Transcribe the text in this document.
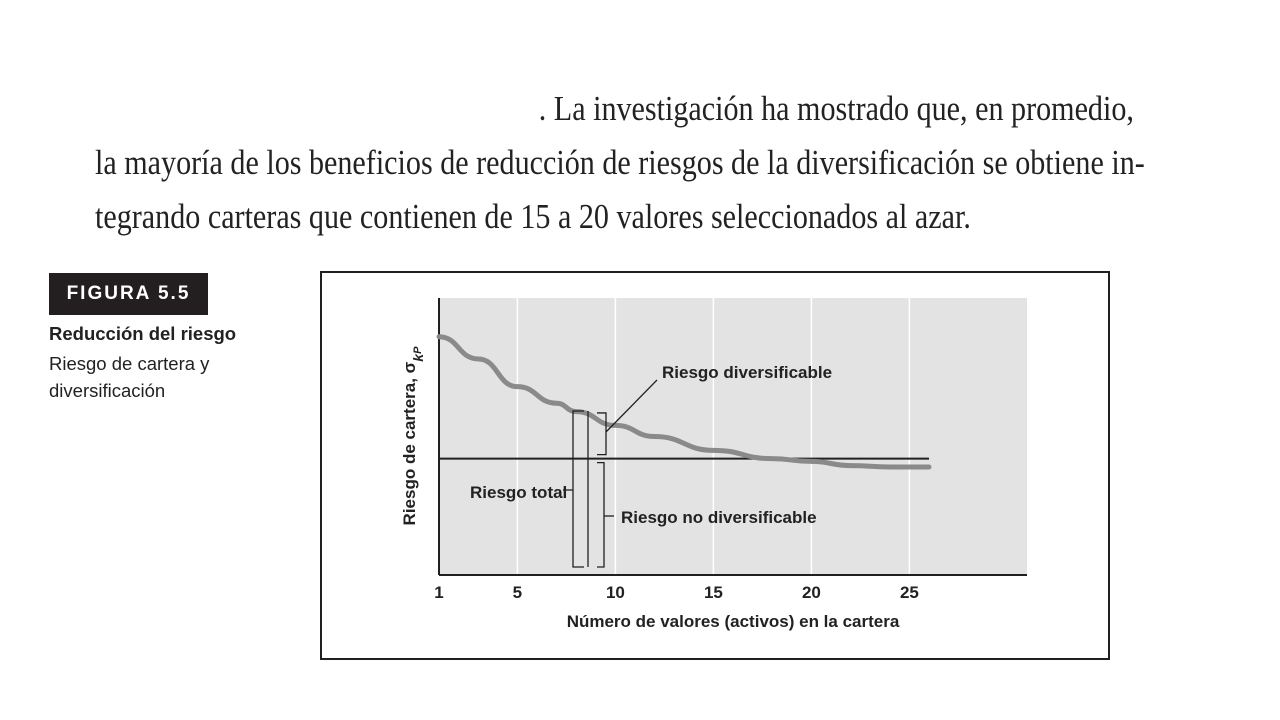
. La investigación ha mostrado que, en promedio,
la mayoría de los beneficios de reducción de riesgos de la diversificación se obtiene in-
tegrando carteras que contienen de 15 a 20 valores seleccionados al azar.
FIGURA 5.5
Reducción del riesgo
Riesgo de cartera y diversificación
1	5	10	15	20	25
Número de valores (activos) en la cartera
Riesgo de cartera, $\sigma_{kP}$
Riesgo diversificable
Riesgo total
Riesgo no diversificable
